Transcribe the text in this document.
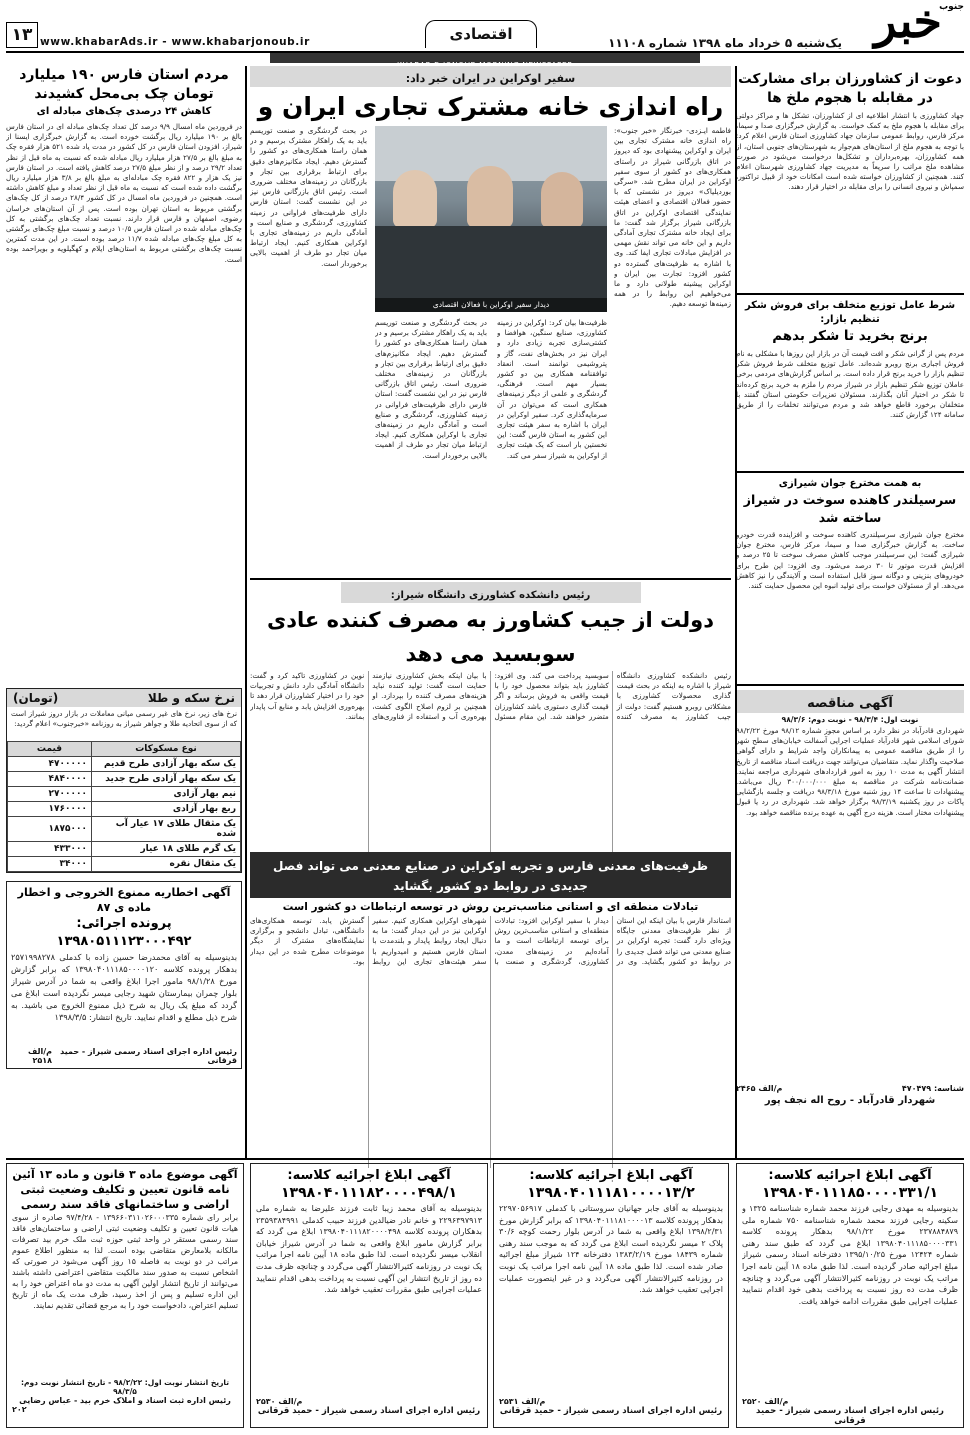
خبر
جنوب
یک‌شنبه ۵ خرداد ماه ۱۳۹۸ شماره ۱۱۱۰۸
اقتصادی
www.khabarAds.ir - www.khabarjonoub.ir
۱۳
دعوت از کشاورزان برای مشارکت در مقابله با هجوم ملخ ها
جهاد کشاورزی با انتشار اطلاعیه ای از کشاورزان، تشکل ها و مراکز دولتی برای مقابله با هجوم ملخ به کمک خواست. به گزارش خبرگزاری صدا و سیما، مرکز فارس، روابط عمومی سازمان جهاد کشاورزی استان فارس اعلام کرد: با توجه به هجوم ملخ از استان‌های هم‌جوار به شهرستان‌های جنوبی استان، از همه کشاورزان، بهره‌برداران و تشکل‌ها درخواست می‌شود در صورت مشاهده ملخ مراتب را سریعاً به مدیریت جهاد کشاورزی شهرستان اعلام کنند. همچنین از کشاورزان خواسته شده است امکانات خود از قبیل تراکتور، سمپاش و نیروی انسانی را برای مقابله در اختیار قرار دهند.
شرط عامل توزیع متخلف برای فروش شکر تنظیم بازار:
برنج بخرید تا شکر بدهم
مردم پس از گرانی شکر و افت قیمت آن در بازار این روزها با مشکلی به نام فروش اجباری برنج روبرو شده‌اند. عامل توزیع متخلف شرط فروش شکر تنظیم بازار را خرید برنج قرار داده است. بر اساس گزارش‌های مردمی برخی عاملان توزیع شکر تنظیم بازار در شیراز مردم را ملزم به خرید برنج کرده‌اند تا شکر در اختیار آنان بگذارند. مسئولان تعزیرات حکومتی استان گفتند با متخلفان برخورد قاطع خواهد شد و مردم می‌توانند تخلفات را از طریق سامانه ۱۲۴ گزارش کنند.
به همت مخترع جوان شیرازی
سرسیلندر کاهنده سوخت در شیراز ساخته شد
مخترع جوان شیرازی سرسیلندری کاهنده سوخت و افزاینده قدرت خودرو ساخت. به گزارش خبرگزاری صدا و سیما، مرکز فارس، مخترع جوان شیرازی گفت: این سرسیلندر موجب کاهش مصرف سوخت تا ۲۵ درصد و افزایش قدرت موتور تا ۳۰ درصد می‌شود. وی افزود: این طرح برای خودروهای بنزینی و دوگانه سوز قابل استفاده است و آلایندگی را نیز کاهش می‌دهد. او از مسئولان خواست برای تولید انبوه این محصول حمایت کنند.
آگهی مناقصه
نوبت اول: ۹۸/۳/۴ - نوبت دوم: ۹۸/۳/۶
شهرداری قادرآباد در نظر دارد بر اساس مجوز شماره ۹۸/۱۲ مورخ ۹۸/۲/۲۲ شورای اسلامی شهر قادرآباد عملیات اجرایی آسفالت خیابان‌های سطح شهر را از طریق مناقصه عمومی به پیمانکاران واجد شرایط و دارای گواهی صلاحیت واگذار نماید. متقاضیان می‌توانند جهت دریافت اسناد مناقصه از تاریخ انتشار آگهی به مدت ۱۰ روز به امور قراردادهای شهرداری مراجعه نمایند. ضمانت‌نامه شرکت در مناقصه به مبلغ ۳۰۰/۰۰۰/۰۰۰ ریال می‌باشد. پیشنهادات تا ساعت ۱۴ روز شنبه مورخ ۹۸/۳/۱۸ دریافت و جلسه بازگشایی پاکات در روز یکشنبه ۹۸/۳/۱۹ برگزار خواهد شد. شهرداری در رد یا قبول پیشنهادات مختار است. هزینه درج آگهی به عهده برنده مناقصه خواهد بود.
شناسه: ۴۷۰۴۷۹
م/الف ۲۴۶۵
شهردار قادرآباد - روح اله نجف پور
مردم استان فارس ۱۹۰ میلیارد تومان چک بی‌محل کشیدند
کاهش ۲۴ درصدی چک‌های مبادله ای
در فروردین ماه امسال ۹/۹ درصد کل تعداد چک‌های مبادله ای در استان فارس بالغ بر ۱۹۰ میلیارد ریال برگشت خورده است. به گزارش خبرگزاری ایسنا از شیراز، افزودن استان فارس در کل کشور در مدت یاد شده ۵۲۱ هزار فقره چک به مبلغ بالغ بر ۲۷/۵ هزار میلیارد ریال مبادله شده که نسبت به ماه قبل از نظر تعداد ۲۹/۲ درصد و از نظر مبلغ ۲۷/۵ درصد کاهش یافته است. در استان فارس نیز یک هزار و ۸۲۲ فقره چک مبادله‌ای به مبلغ بالغ بر ۳/۸ هزار میلیارد ریال برگشت داده شده است که نسبت به ماه قبل از نظر تعداد و مبلغ کاهش داشته است. همچنین در فروردین ماه امسال در کل کشور ۲۸/۴ درصد از کل چک‌های برگشتی مربوط به استان تهران بوده است. پس از آن استان‌های خراسان رضوی، اصفهان و فارس قرار دارند. نسبت تعداد چک‌های برگشتی به کل چک‌های مبادله شده در استان فارس ۱۰/۵ درصد و نسبت مبلغ چک‌های برگشتی به کل مبلغ چک‌های مبادله شده ۱۱/۷ درصد بوده است. در این مدت کمترین نسبت چک‌های برگشتی مربوط به استان‌های ایلام و کهگیلویه و بویراحمد بوده است.
نرخ سکه و طلا
(تومان)
نرخ های زیر، نرخ های غیر رسمی میانی معاملات در بازار دروز شیراز است که از سوی اتحادیه طلا و جواهر شیراز به روزنامه «خبرجنوب» اعلام گردید:
نوع مسکوکات	قیمت
یک سکه بهار آزادی طرح قدیم	۴۷۰۰۰۰۰
یک سکه بهار آزادی طرح جدید	۴۸۴۰۰۰۰
نیم بهار آزادی	۲۷۰۰۰۰۰
ربع بهار آزادی	۱۷۶۰۰۰۰
یک مثقال طلای ۱۷ عیار آب شده	۱۸۷۵۰۰۰
یک گرم طلای ۱۸ عیار	۴۳۳۰۰۰
یک مثقال نقره	۳۴۰۰۰
آگهی اخطاریه ممنوع الخروجی و اخطار ماده ی ۸۷
پرونده اجرائی: ۱۳۹۸۰۵۱۱۱۲۳۰۰۰۴۹۲
بدینوسیله به آقای محمدرضا حسین زاده با کدملی ۲۵۷۱۹۹۸۲۷۸ بدهکار پرونده کلاسه ۱۳۹۸۰۴۰۱۱۱۸۵۰۰۰۰۱۲۰ که برابر گزارش مورخ ۹۸/۱/۲۸ مامور اجرا ابلاغ واقعی به شما در آدرس شیراز بلوار چمران بیمارستان شهید رجایی میسر نگردیده است ابلاغ می گردد که مبلغ یک ریال به شرح ذیل ممنوع الخروج می باشید. به شرح ذیل مطلع و اقدام نمایید. تاریخ انتشار: ۱۳۹۸/۳/۵
رئیس اداره اجرای اسناد رسمی شیراز - حمید قرقانی
م/الف ۲۵۱۸
سفیر اوکراین در ایران خبر داد:
راه اندازی خانه مشترک تجاری ایران و
فاطمه ایـزدی- خبرنگار «خبر جنوب»: راه اندازی خانه مشترک تجاری بین ایران و اوکراین پیشنهادی بود که دیروز در اتاق بازرگانی شیراز در راستای همکاری‌های دو کشور از سوی سفیر اوکراین در ایران مطرح شد. «سرگی بوردیلیاک» دیروز در نشستی که با حضور فعالان اقتصادی و اعضای هیئت نمایندگی اقتصادی اوکراین در اتاق بازرگانی شیراز برگزار شد گفت: ما برای ایجاد خانه مشترک تجاری آمادگی داریم و این خانه می تواند نقش مهمی در افزایش مبادلات تجاری ایفا کند. وی با اشاره به ظرفیت‌های گسترده دو کشور افزود: تجارت بین ایران و اوکراین پیشینه طولانی دارد و ما می‌خواهیم این روابط را در همه زمینه‌ها توسعه دهیم.
دیدار سفیر اوکراین با فعالان اقتصادی
ظرفیت‌ها بیان کرد: اوکراین در زمینه کشاورزی، صنایع سنگین، هوافضا و کشتی‌سازی تجربه زیادی دارد و ایران نیز در بخش‌های نفت، گاز و پتروشیمی توانمند است. انعقاد توافقنامه همکاری بین دو کشور بسیار مهم است. فرهنگی، گردشگری و علمی از دیگر زمینه‌های همکاری است که می‌توان در آن سرمایه‌گذاری کرد. سفیر اوکراین در ایران با اشاره به سفر هیئت تجاری این کشور به استان فارس گفت: این نخستین بار است که یک هیئت تجاری از اوکراین به شیراز سفر می کند.
در بحث گردشگری و صنعت توریسم باید به یک راهکار مشترک برسیم و در همان راستا همکاری‌های دو کشور را گسترش دهیم. ایجاد مکانیزم‌های دقیق برای ارتباط برقراری بین تجار و بازرگانان در زمینه‌های مختلف ضروری است. رئیس اتاق بازرگانی فارس نیز در این نشست گفت: استان فارس دارای ظرفیت‌های فراوانی در زمینه کشاورزی، گردشگری و صنایع است و آمادگی داریم در زمینه‌های تجاری با اوکراین همکاری کنیم. ایجاد ارتباط میان تجار دو طرف از اهمیت بالایی برخوردار است.
در بحث گردشگری و صنعت توریسم باید به یک راهکار مشترک برسیم و در همان راستا همکاری‌های دو کشور را گسترش دهیم. ایجاد مکانیزم‌های دقیق برای ارتباط برقراری بین تجار و بازرگانان در زمینه‌های مختلف ضروری است. رئیس اتاق بازرگانی فارس نیز در این نشست گفت: استان فارس دارای ظرفیت‌های فراوانی در زمینه کشاورزی، گردشگری و صنایع است و آمادگی داریم در زمینه‌های تجاری با اوکراین همکاری کنیم. ایجاد ارتباط میان تجار دو طرف از اهمیت بالایی برخوردار است.
رئیس دانشکده کشاورزی دانشگاه شیراز:
دولت از جیب کشاورز به مصرف کننده عادی سوبسید می دهد
رئیس دانشکده کشاورزی دانشگاه شیراز با اشاره به اینکه در بحث قیمت گذاری محصولات کشاورزی با مشکلاتی روبرو هستیم گفت: دولت از جیب کشاورز به مصرف کننده سوبسید پرداخت می کند. وی افزود: کشاورز باید بتواند محصول خود را با قیمت واقعی به فروش برساند و اگر قیمت گذاری دستوری باشد کشاورزان متضرر خواهند شد. این مقام مسئول با بیان اینکه بخش کشاورزی نیازمند حمایت است گفت: تولید کننده نباید هزینه‌های مصرف کننده را بپردازد. او همچنین بر لزوم اصلاح الگوی کشت، بهره‌وری آب و استفاده از فناوری‌های نوین در کشاورزی تاکید کرد و گفت: دانشگاه آمادگی دارد دانش و تجربیات خود را در اختیار کشاورزان قرار دهد تا بهره‌وری افزایش یابد و منابع آب پایدار بمانند.
ظرفیت‌های معدنی فارس و تجربه اوکراین در صنایع معدنی می تواند فصل جدیدی در روابط دو کشور بگشاید
تبادلات منطقه ای و استانی مناسب‌ترین روش در توسعه ارتباطات دو کشور است
استاندار فارس با بیان اینکه این استان از نظر ظرفیت‌های معدنی جایگاه ویژه‌ای دارد گفت: تجربه اوکراین در صنایع معدنی می تواند فصل جدیدی را در روابط دو کشور بگشاید. وی در دیدار با سفیر اوکراین افزود: تبادلات منطقه‌ای و استانی مناسب‌ترین روش برای توسعه ارتباطات است و ما آماده‌ایم در زمینه‌های معدن، کشاورزی، گردشگری و صنعت با شهرهای اوکراین همکاری کنیم. سفیر اوکراین نیز در این دیدار گفت: ما به دنبال ایجاد روابط پایدار و بلندمدت با استان فارس هستیم و امیدواریم با سفر هیئت‌های تجاری این روابط گسترش یابد. توسعه همکاری‌های دانشگاهی، تبادل دانشجو و برگزاری نمایشگاه‌های مشترک از دیگر موضوعات مطرح شده در این دیدار بود.
آگهی ابلاغ اجرائیه کلاسه:
۱۳۹۸۰۴۰۱۱۱۸۵۰۰۰۰۳۳۱/۱
بدینوسیله به مهدی رجایی فرزند محمد شماره شناسنامه ۱۳۲۵ و سکینه رجایی فرزند محمد شماره شناسنامه ۷۵۰ شماره ملی ۲۳۷۸۸۴۸۷۹ مورخ ۹۸/۱/۲۲ بدهکار پرونده کلاسه ۱۳۹۸۰۴۰۱۱۱۸۵۰۰۰۰۳۳۱ ابلاغ می گردد که طبق سند رهنی شماره ۱۲۴۲۴ مورخ ۱۳۹۵/۱۰/۲۵ دفترخانه اسناد رسمی شیراز مبلغ اجرائیه صادر گردیده است. لذا طبق ماده ۱۸ آیین نامه اجرا مراتب یک نوبت در روزنامه کثیرالانتشار آگهی می‌گردد و چنانچه ظرف مدت ده روز نسبت به پرداخت بدهی خود اقدام ننمایید عملیات اجرایی طبق مقررات ادامه خواهد یافت.
م/الف ۲۵۲۰
رئیس اداره اجرای اسناد رسمی شیراز - حمید قرقانی
آگهی ابلاغ اجرائیه کلاسه:
۱۳۹۸۰۴۰۱۱۱۸۱۰۰۰۰۱۳/۲
بدینوسیله به آقای جابر جهانیان سروستانی با کدملی ۲۲۹۷۰۵۶۹۱۷ بدهکار پرونده کلاسه ۱۳۹۸۰۴۰۱۱۱۸۱۰۰۰۰۱۳ که برابر گزارش مورخ ۱۳۹۸/۲/۳۱ ابلاغ واقعی به شما در آدرس بلوار رحمت کوچه ۳۰/۶ پلاک ۲ میسر نگردیده است ابلاغ می گردد که به موجب سند رهنی شماره ۱۸۴۳۹ مورخ ۱۳۸۳/۲/۱۹ دفترخانه ۱۲۴ شیراز مبلغ اجرائیه صادر شده است. لذا طبق ماده ۱۸ آیین نامه اجرا مراتب یک نوبت در روزنامه کثیرالانتشار آگهی می‌گردد و در غیر اینصورت عملیات اجرایی تعقیب خواهد شد.
م/الف ۲۵۳۱
رئیس اداره اجرای اسناد رسمی شیراز - حمید قرقانی
آگهی ابلاغ اجرائیه کلاسه:
۱۳۹۸۰۴۰۱۱۱۸۲۰۰۰۰۴۹۸/۱
بدینوسیله به آقای محمد زیبا ثابت فرزند علیرضا به شماره ملی ۲۲۹۶۳۹۷۹۱۳ و خانم نادر ضیالدین فرزند حبیب کدملی ۲۳۵۹۳۸۴۹۹۱ بدهکاران پرونده کلاسه ۱۳۹۸۰۴۰۱۱۱۸۲۰۰۰۰۴۹۸ ابلاغ می گردد که برابر گزارش مامور ابلاغ واقعی به شما در آدرس شیراز خیابان انقلاب میسر نگردیده است. لذا طبق ماده ۱۸ آیین نامه اجرا مراتب یک نوبت در روزنامه کثیرالانتشار آگهی می‌گردد و چنانچه ظرف مدت ده روز از تاریخ انتشار این آگهی نسبت به پرداخت بدهی اقدام ننمایید عملیات اجرایی طبق مقررات تعقیب خواهد شد.
م/الف ۲۵۳۰
رئیس اداره اجرای اسناد رسمی شیراز - حمید قرقانی
آگهی موضوع ماده ۳ قانون و ماده ۱۳ آئین نامه قانون تعیین و تکلیف وضعیت ثبتی اراضی و ساختمانهای فاقد سند رسمی
برابر رای شماره ۱۳۹۶۶۰۳۱۱۰۲۶۰۰۰۳۳۵ - ۹۷/۴/۲۸ صادره از سوی هیات قانون تعیین و تکلیف وضعیت ثبتی اراضی و ساختمان‌های فاقد سند رسمی مستقر در واحد ثبتی حوزه ثبت ملک خرم بید تصرفات مالکانه بلامعارض متقاضی بوده است. لذا به منظور اطلاع عموم مراتب در دو نوبت به فاصله ۱۵ روز آگهی می‌شود در صورتی که اشخاص نسبت به صدور سند مالکیت متقاضی اعتراضی داشته باشند می‌توانند از تاریخ انتشار اولین آگهی به مدت دو ماه اعتراض خود را به این اداره تسلیم و پس از اخذ رسید، ظرف مدت یک ماه از تاریخ تسلیم اعتراض، دادخواست خود را به مرجع قضائی تقدیم نمایند.
تاریخ انتشار نوبت اول: ۹۸/۲/۲۲ - تاریخ انتشار نوبت دوم: ۹۸/۳/۵
رئیس اداره ثبت اسناد و املاک خرم بید - عباس رضایی
۲۰۲
